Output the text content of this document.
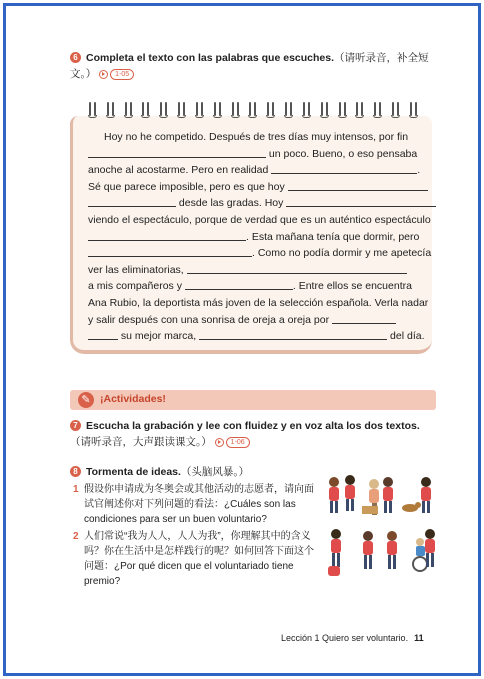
6 Completa el texto con las palabras que escuches.（请听录音，补全短文。）	1-05
Hoy no he competido. Después de tres días muy intensos, por fin
un poco. Bueno, o eso pensaba
anoche al acostarme. Pero en realidad	.
Sé que parece imposible, pero es que hoy
desde las gradas. Hoy
viendo el espectáculo, porque de verdad que es un auténtico espectáculo
. Esta mañana tenía que dormir, pero
. Como no podía dormir y me apetecía
ver las eliminatorias,
a mis compañeros y	. Entre ellos se encuentra
Ana Rubio, la deportista más joven de la selección española. Verla nadar
y salir después con una sonrisa de oreja a oreja por
su mejor marca,	del día.
✎ ¡Actividades!
7 Escucha la grabación y lee con fluidez y en voz alta los dos textos.（请听录音，大声跟读课文。）	1-06
8 Tormenta de ideas.（头脑风暴。）
1 假设你申请成为冬奥会或其他活动的志愿者，请向面试官阐述你对下列问题的看法：¿Cuáles son las condiciones para ser un buen voluntario?
2 人们常说“我为人人，人人为我”，你理解其中的含义吗？你在生活中是怎样践行的呢？如何回答下面这个问题：¿Por qué dicen que el voluntariado tiene premio?
Lección 1 Quiero ser voluntario. 11
